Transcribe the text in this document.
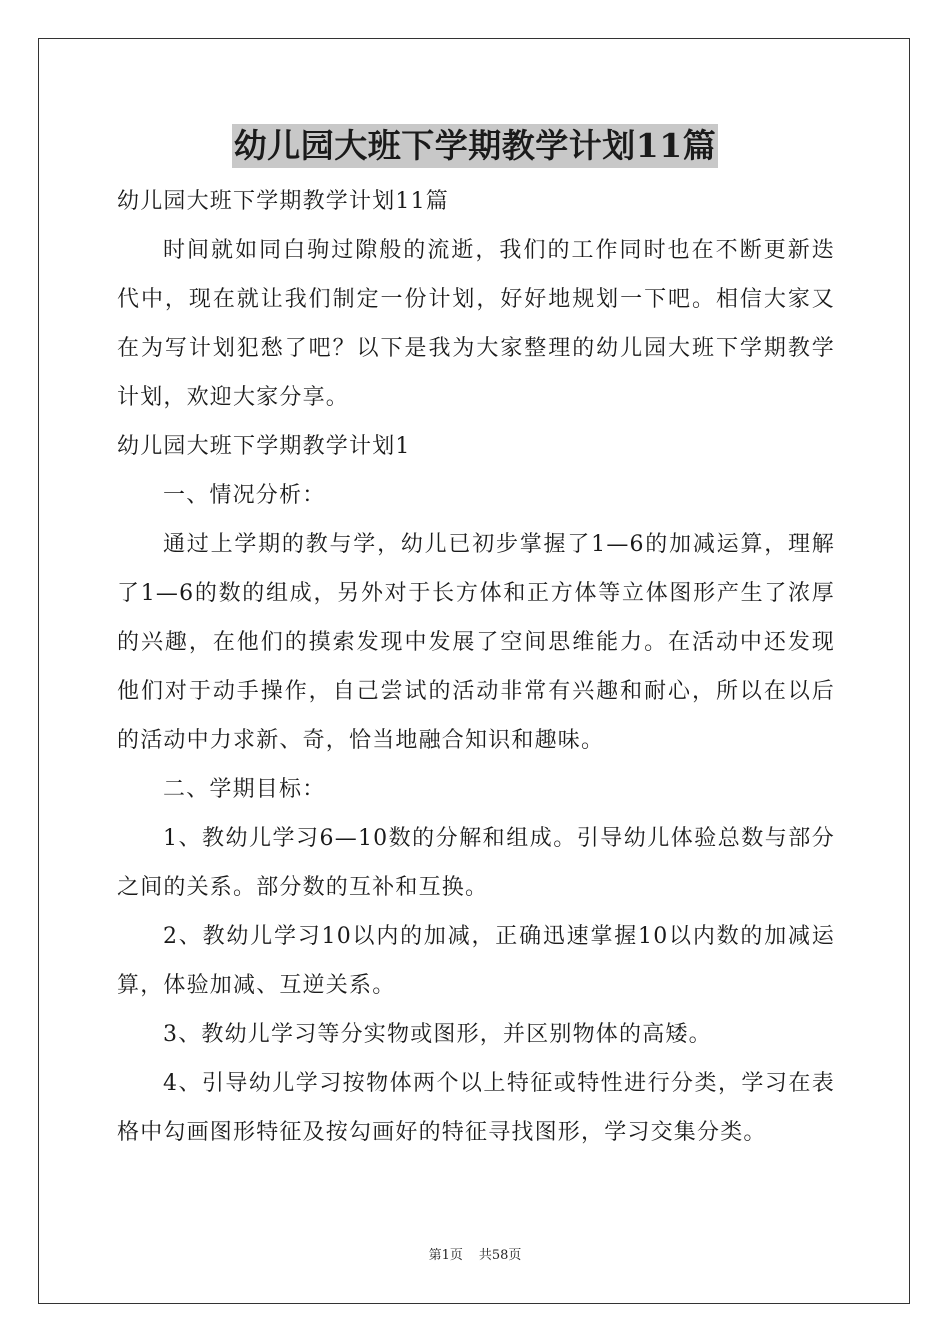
幼儿园大班下学期教学计划11篇

幼儿园大班下学期教学计划11篇

时间就如同白驹过隙般的流逝，我们的工作同时也在不断更新迭代中，现在就让我们制定一份计划，好好地规划一下吧。相信大家又在为写计划犯愁了吧？以下是我为大家整理的幼儿园大班下学期教学计划，欢迎大家分享。

幼儿园大班下学期教学计划1

一、情况分析：

通过上学期的教与学，幼儿已初步掌握了1—6的加减运算，理解了1—6的数的组成，另外对于长方体和正方体等立体图形产生了浓厚的兴趣，在他们的摸索发现中发展了空间思维能力。在活动中还发现他们对于动手操作，自己尝试的活动非常有兴趣和耐心，所以在以后的活动中力求新、奇，恰当地融合知识和趣味。

二、学期目标：

1、教幼儿学习6—10数的分解和组成。引导幼儿体验总数与部分之间的关系。部分数的互补和互换。

2、教幼儿学习10以内的加减，正确迅速掌握10以内数的加减运算，体验加减、互逆关系。

3、教幼儿学习等分实物或图形，并区别物体的高矮。

4、引导幼儿学习按物体两个以上特征或特性进行分类，学习在表格中勾画图形特征及按勾画好的特征寻找图形，学习交集分类。

第1页 共58页
